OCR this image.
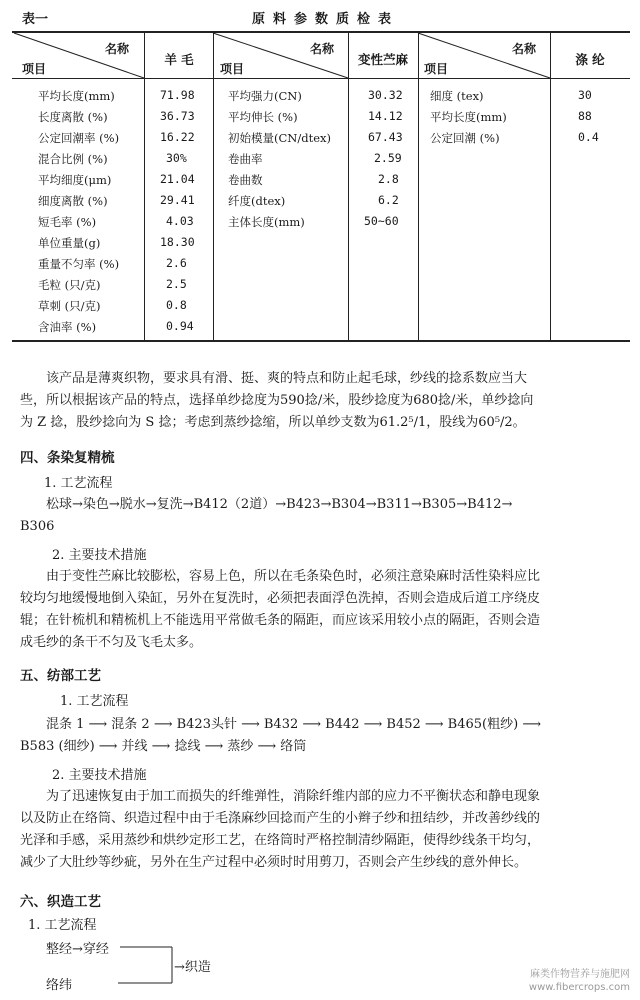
表一	原料参数质检表
名称
项目
羊 毛
名称
项目
变性苎麻
名称
项目
涤 纶
平均长度(mm)	71.98
长度离散 (%)	36.73
公定回潮率 (%)	16.22
混合比例 (%)	30%
平均细度(μm)	21.04
细度离散 (%)	29.41
短毛率 (%)	4.03
单位重量(g)	18.30
重量不匀率 (%)	2.6
毛粒 (只/克)	2.5
草刺 (只/克)	0.8
含油率 (%)	0.94
平均强力(CN)	30.32
平均伸长 (%)	14.12
初始模量(CN/dtex)	67.43
卷曲率	2.59
卷曲数	2.8
纤度(dtex)	6.2
主体长度(mm)	50~60
细度 (tex)	30
平均长度(mm)	88
公定回潮 (%)	0.4
该产品是薄爽织物，要求具有滑、挺、爽的特点和防止起毛球，纱线的捻系数应当大
些，所以根据该产品的特点，选择单纱捻度为590捻/米，股纱捻度为680捻/米，单纱捻向
为 Z 捻，股纱捻向为 S 捻；考虑到蒸纱捻缩，所以单纱支数为61.2⁵/1，股线为60⁵/2。
四、条染复精梳
1. 工艺流程
松球→染色→脱水→复洗→B412（2道）→B423→B304→B311→B305→B412→
B306
2. 主要技术措施
由于变性苎麻比较膨松，容易上色，所以在毛条染色时，必须注意染麻时活性染料应比
较均匀地缓慢地倒入染缸，另外在复洗时，必须把表面浮色洗掉，否则会造成后道工序绕皮
辊；在针梳机和精梳机上不能选用平常做毛条的隔距，而应该采用较小点的隔距，否则会造
成毛纱的条干不匀及飞毛太多。
五、纺部工艺
1. 工艺流程
混条 1 ⟶ 混条 2 ⟶ B423头针 ⟶ B432 ⟶ B442 ⟶ B452 ⟶ B465(粗纱) ⟶
B583 (细纱) ⟶ 并线 ⟶ 捻线 ⟶ 蒸纱 ⟶ 络筒
2. 主要技术措施
为了迅速恢复由于加工而损失的纤维弹性，消除纤维内部的应力不平衡状态和静电现象
以及防止在络筒、织造过程中由于毛涤麻纱回捻而产生的小辫子纱和扭结纱，并改善纱线的
光泽和手感，采用蒸纱和烘纱定形工艺，在络筒时严格控制清纱隔距，使得纱线条干均匀，
减少了大肚纱等纱疵，另外在生产过程中必须时时用剪刀，否则会产生纱线的意外伸长。
六、织造工艺
1. 工艺流程
整经→穿经
络纬
→织造	麻类作物营养与施肥网
www.fibercrops.com
